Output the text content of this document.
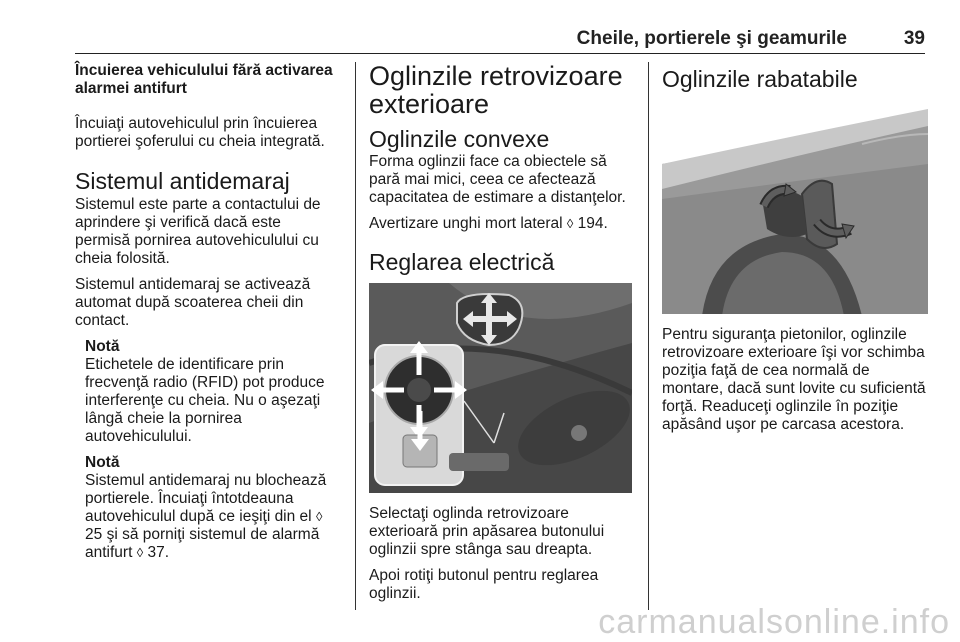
Cheile, portierele şi geamurile	39
Încuierea vehiculului fără activarea alarmei antifurt
Încuiaţi autovehiculul prin încuierea portierei şoferului cu cheia integrată.
Sistemul antidemaraj
Sistemul este parte a contactului de aprindere şi verifică dacă este permisă pornirea autovehiculului cu cheia folosită.
Sistemul antidemaraj se activează automat după scoaterea cheii din contact.
Notă
Etichetele de identificare prin frecvenţă radio (RFID) pot produce interferenţe cu cheia. Nu o aşezaţi lângă cheie la pornirea autovehiculului.
Notă
Sistemul antidemaraj nu blochează portierele. Încuiaţi întotdeauna autovehiculul după ce ieşiţi din el ◊ 25 şi să porniţi sistemul de alarmă antifurt ◊ 37.
Oglinzile retrovizoare exterioare
Oglinzile convexe
Forma oglinzii face ca obiectele să pară mai mici, ceea ce afectează capacitatea de estimare a distanţelor.
Avertizare unghi mort lateral ◊ 194.
Reglarea electrică
Selectaţi oglinda retrovizoare exterioară prin apăsarea butonului oglinzii spre stânga sau dreapta.
Apoi rotiţi butonul pentru reglarea oglinzii.
Oglinzile rabatabile
Pentru siguranţa pietonilor, oglinzile retrovizoare exterioare îşi vor schimba poziţia faţă de cea normală de montare, dacă sunt lovite cu suficientă forţă. Readuceţi oglinzile în poziţie apăsând uşor pe carcasa acestora.
carmanualsonline.info
